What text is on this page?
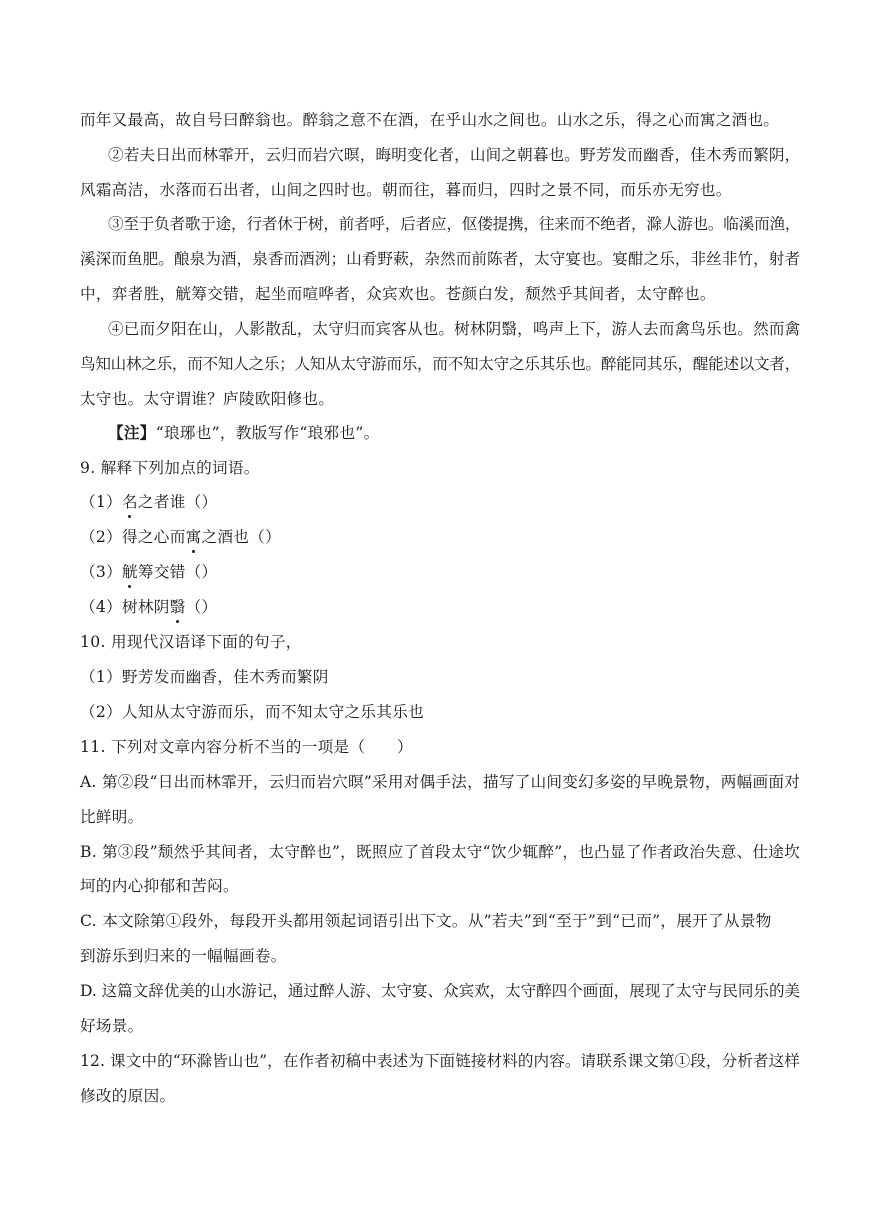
而年又最高，故自号曰醉翁也。醉翁之意不在酒，在乎山水之间也。山水之乐，得之心而寓之酒也。
②若夫日出而林霏开，云归而岩穴暝，晦明变化者，山间之朝暮也。野芳发而幽香，佳木秀而繁阴，
风霜高洁，水落而石出者，山间之四时也。朝而往，暮而归，四时之景不同，而乐亦无穷也。
③至于负者歌于途，行者休于树，前者呼，后者应，伛偻提携，往来而不绝者，滁人游也。临溪而渔，
溪深而鱼肥。酿泉为酒，泉香而酒洌；山肴野蔌，杂然而前陈者，太守宴也。宴酣之乐，非丝非竹，射者
中，弈者胜，觥筹交错，起坐而喧哗者，众宾欢也。苍颜白发，颓然乎其间者，太守醉也。
④已而夕阳在山，人影散乱，太守归而宾客从也。树林阴翳，鸣声上下，游人去而禽鸟乐也。然而禽
鸟知山林之乐，而不知人之乐；人知从太守游而乐，而不知太守之乐其乐也。醉能同其乐，醒能述以文者，
太守也。太守谓谁？庐陵欧阳修也。
【注】“琅琊也”，教版写作“琅邪也”。
9. 解释下列加点的词语。
（1）名之者谁（）
（2）得之心而寓之酒也（）
（3）觥筹交错（）
（4）树林阴翳（）
10. 用现代汉语译下面的句子，
（1）野芳发而幽香，佳木秀而繁阴
（2）人知从太守游而乐，而不知太守之乐其乐也
11. 下列对文章内容分析不当的一项是（　　）
A. 第②段“日出而林霏开，云归而岩穴暝”采用对偶手法，描写了山间变幻多姿的早晚景物，两幅画面对
比鲜明。
B. 第③段”颓然乎其间者，太守醉也”，既照应了首段太守“饮少辄醉”，也凸显了作者政治失意、仕途坎
坷的内心抑郁和苦闷。
C. 本文除第①段外，每段开头都用领起词语引出下文。从”若夫”到“至于”到“已而”，展开了从景物
到游乐到归来的一幅幅画卷。
D. 这篇文辞优美的山水游记，通过醉人游、太守宴、众宾欢，太守醉四个画面，展现了太守与民同乐的美
好场景。
12. 课文中的“环滁皆山也”，在作者初稿中表述为下面链接材料的内容。请联系课文第①段，分析者这样
修改的原因。
